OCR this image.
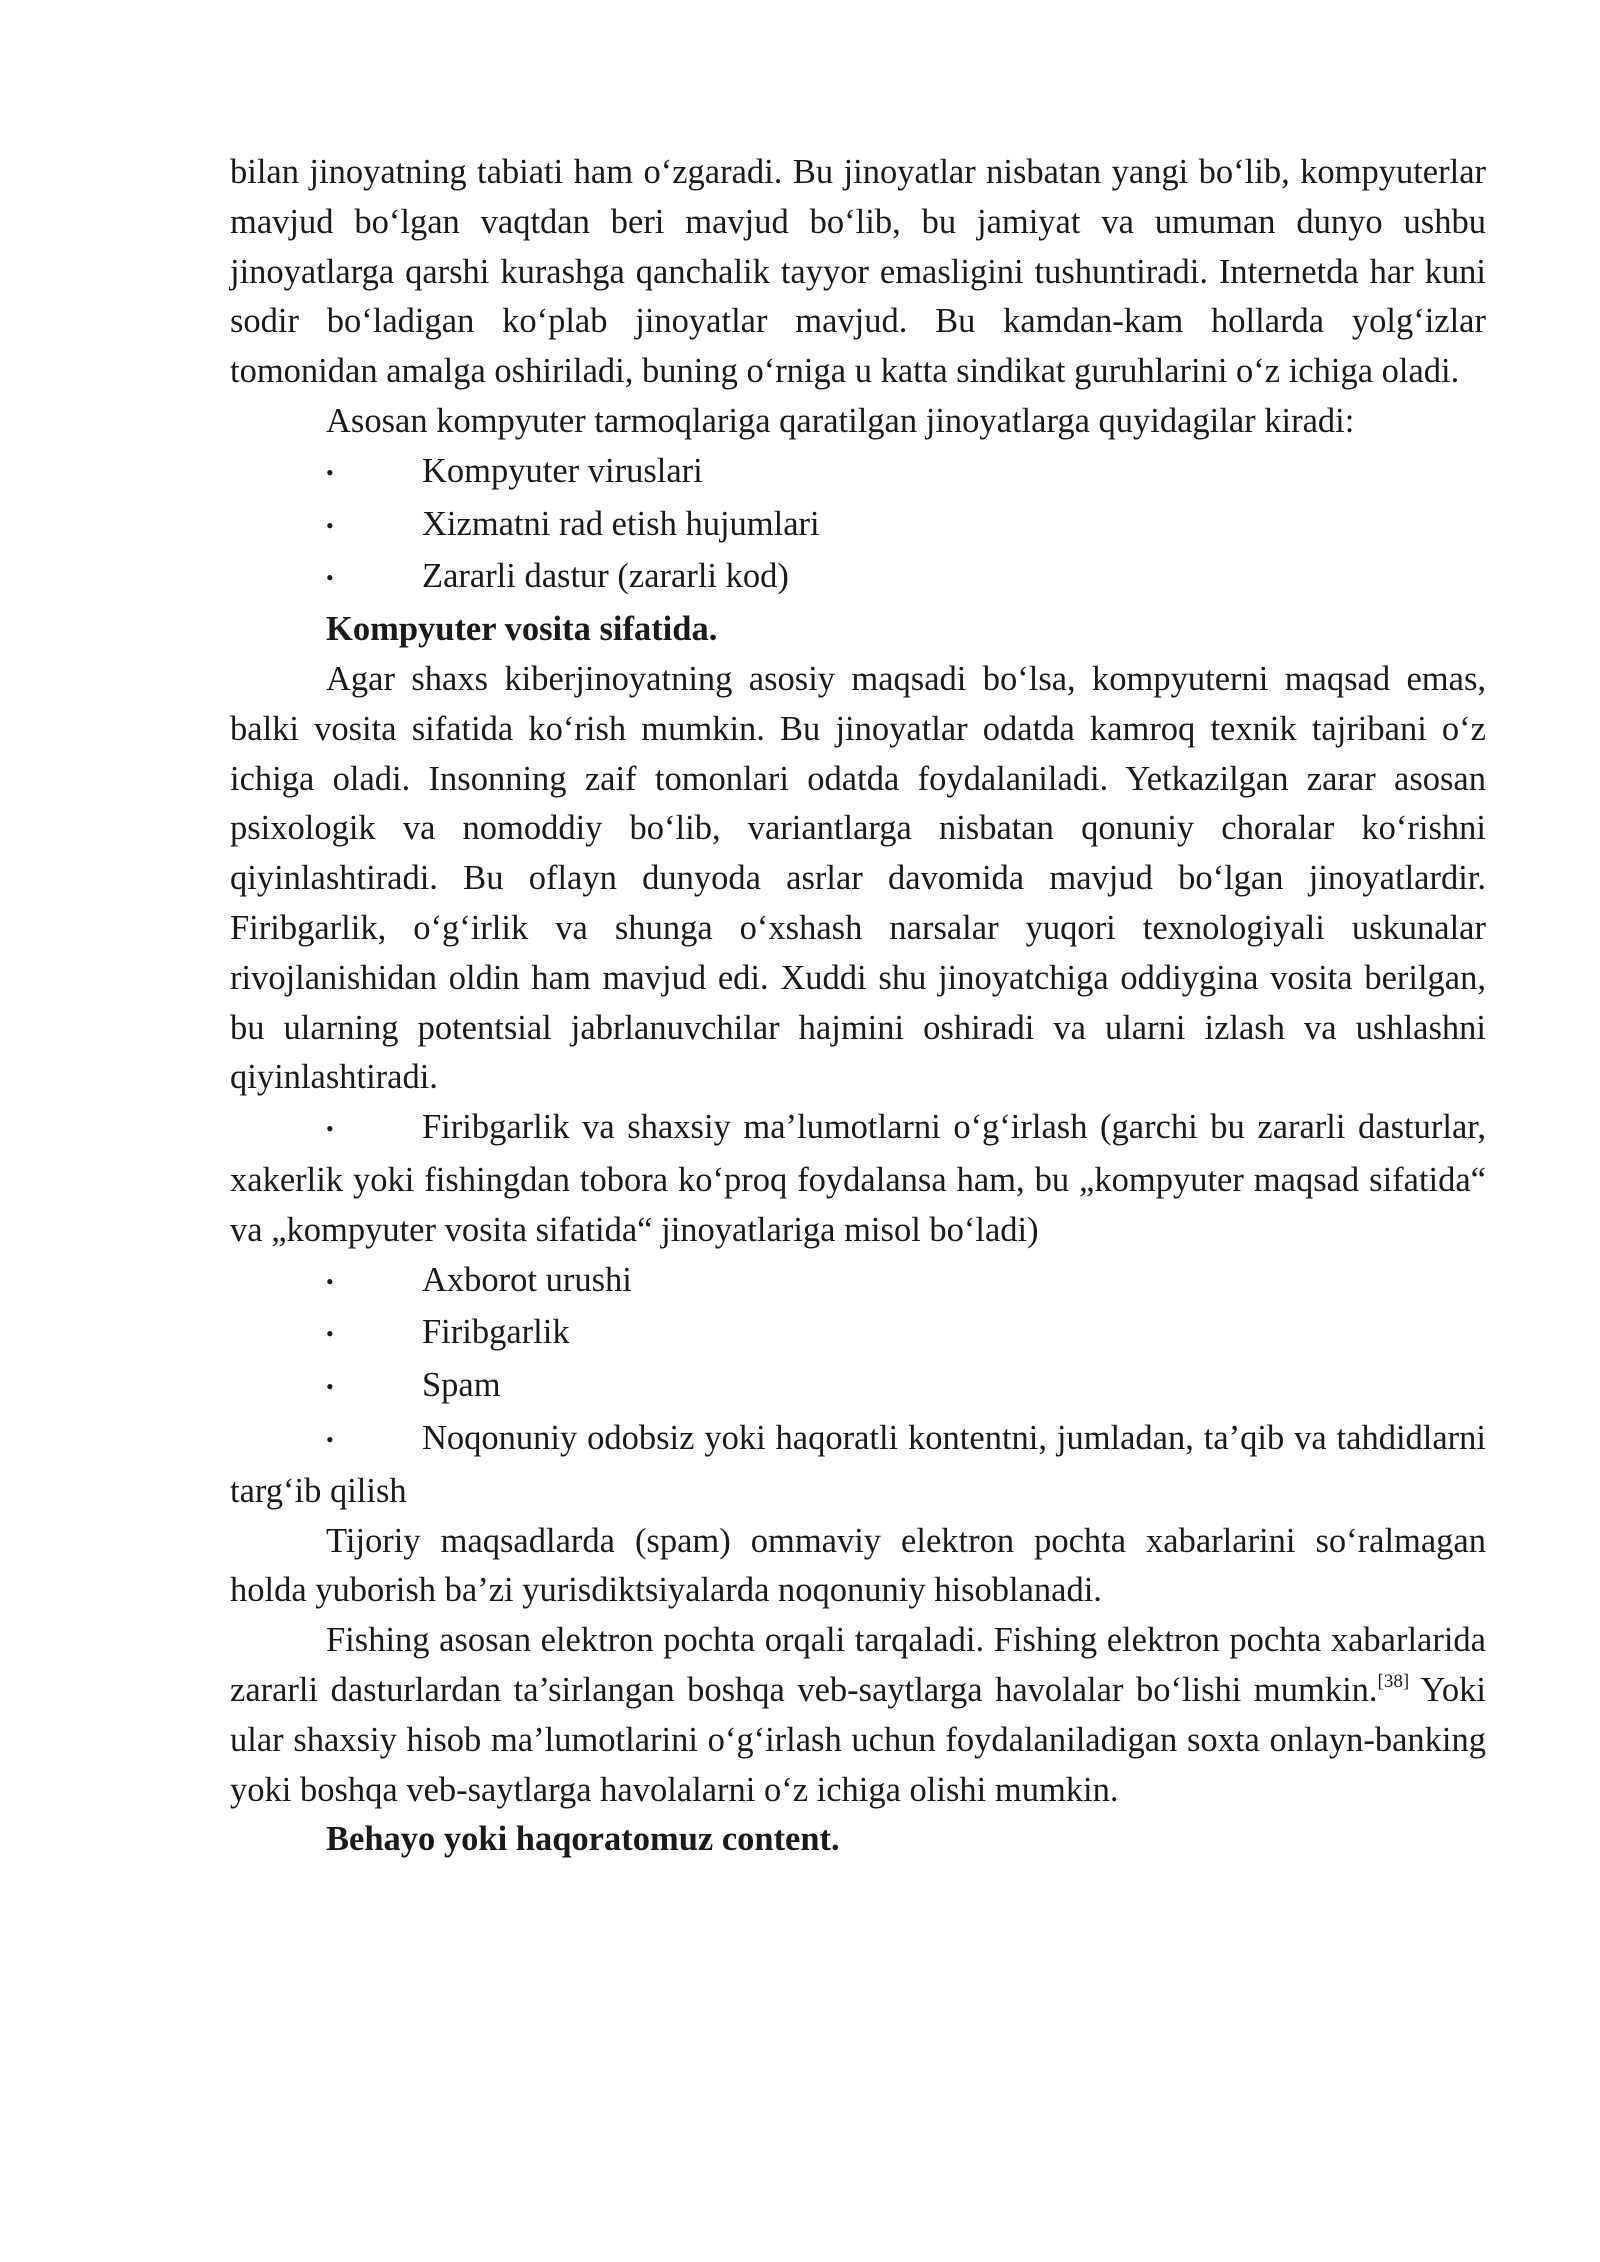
bilan jinoyatning tabiati ham o‘zgaradi. Bu jinoyatlar nisbatan yangi bo‘lib, kompyuterlar mavjud bo‘lgan vaqtdan beri mavjud bo‘lib, bu jamiyat va umuman dunyo ushbu jinoyatlarga qarshi kurashga qanchalik tayyor emasligini tushuntiradi. Internetda har kuni sodir bo‘ladigan ko‘plab jinoyatlar mavjud. Bu kamdan-kam hollarda yolg‘izlar tomonidan amalga oshiriladi, buning o‘rniga u katta sindikat guruhlarini o‘z ichiga oladi.

Asosan kompyuter tarmoqlariga qaratilgan jinoyatlarga quyidagilar kiradi:

•	Kompyuter viruslari
•	Xizmatni rad etish hujumlari
•	Zararli dastur (zararli kod)

Kompyuter vosita sifatida.

Agar shaxs kiberjinoyatning asosiy maqsadi bo‘lsa, kompyuterni maqsad emas, balki vosita sifatida ko‘rish mumkin. Bu jinoyatlar odatda kamroq texnik tajribani o‘z ichiga oladi. Insonning zaif tomonlari odatda foydalaniladi. Yetkazilgan zarar asosan psixologik va nomoddiy bo‘lib, variantlarga nisbatan qonuniy choralar ko‘rishni qiyinlashtiradi. Bu oflayn dunyoda asrlar davomida mavjud bo‘lgan jinoyatlardir. Firibgarlik, o‘g‘irlik va shunga o‘xshash narsalar yuqori texnologiyali uskunalar rivojlanishidan oldin ham mavjud edi. Xuddi shu jinoyatchiga oddiygina vosita berilgan, bu ularning potentsial jabrlanuvchilar hajmini oshiradi va ularni izlash va ushlashni qiyinlashtiradi.

•	Firibgarlik va shaxsiy ma’lumotlarni o‘g‘irlash (garchi bu zararli dasturlar, xakerlik yoki fishingdan tobora ko‘proq foydalansa ham, bu „kompyuter maqsad sifatida“ va „kompyuter vosita sifatida“ jinoyatlariga misol bo‘ladi)

•	Axborot urushi
•	Firibgarlik
•	Spam

•	Noqonuniy odobsiz yoki haqoratli kontentni, jumladan, ta’qib va tahdidlarni targ‘ib qilish

Tijoriy maqsadlarda (spam) ommaviy elektron pochta xabarlarini so‘ralmagan holda yuborish ba’zi yurisdiktsiyalarda noqonuniy hisoblanadi.

Fishing asosan elektron pochta orqali tarqaladi. Fishing elektron pochta xabarlarida zararli dasturlardan ta’sirlangan boshqa veb-saytlarga havolalar bo‘lishi mumkin.[38] Yoki ular shaxsiy hisob ma’lumotlarini o‘g‘irlash uchun foydalaniladigan soxta onlayn-banking yoki boshqa veb-saytlarga havolalarni o‘z ichiga olishi mumkin.

Behayo yoki haqoratomuz content.
